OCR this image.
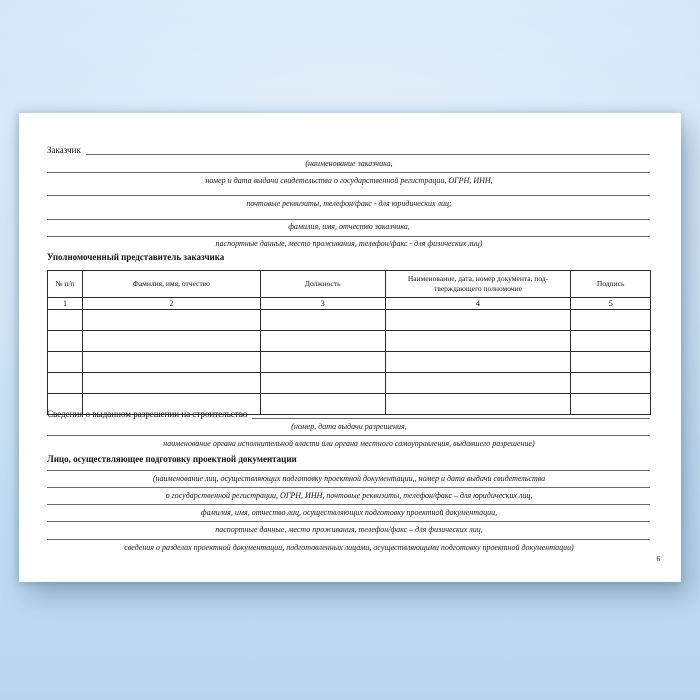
Заказчик
(наименование заказчика,
номер и дата выдачи свидетельства о государственной регистрации, ОГРН, ИНН,
почтовые реквизиты, телефон/факс - для юридических лиц;
фамилия, имя, отчество заказчика,
паспортные данные, место проживания, телефон/факс - для физических лиц)
Уполномоченный представитель заказчика
№ п/п	Фамилия, имя, отчество	Должность	Наименование, дата, номер документа, подтверждающего полномочие	Подпись
1	2	3	4	5

Сведения о выданном разрешении на строительство
(номер, дата выдачи разрешения,
наименование органа исполнительной власти или органа местного самоуправления, выдавшего разрешение)
Лицо, осуществляющее подготовку проектной документации
(наименование лиц, осуществляющих подготовку проектной документации,, номер и дата выдачи свидетельства
о государственной регистрации, ОГРН, ИНН, почтовые реквизиты, телефон/факс – для юридических лиц,
фамилия, имя, отчество лиц, осуществляющих подготовку проектной документации,
паспортные данные, место проживания, телефон/факс – для физических лиц,
сведения о разделах проектной документации, подготовленных лицами, осуществляющими подготовку проектной документации)
6
